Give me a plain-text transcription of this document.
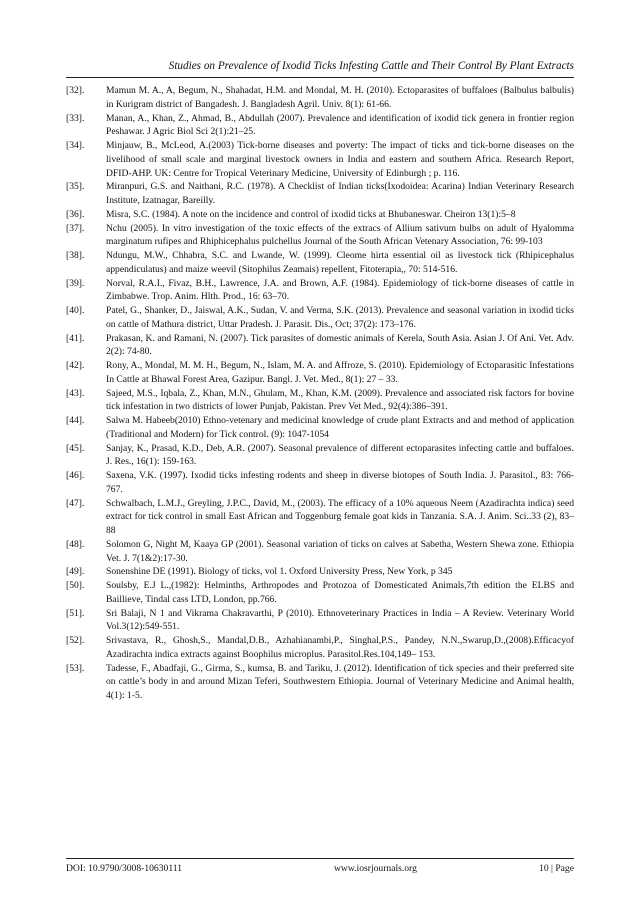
Studies on Prevalence of Ixodid Ticks Infesting Cattle and Their Control By Plant Extracts
[32]. Mamun M. A., A, Begum, N., Shahadat, H.M. and Mondal, M. H. (2010). Ectoparasites of buffaloes (Balbulus balbulis) in Kurigram district of Bangadesh. J. Bangladesh Agril. Univ. 8(1): 61-66.
[33]. Manan, A., Khan, Z., Ahmad, B., Abdullah (2007). Prevalence and identification of ixodid tick genera in frontier region Peshawar. J Agric Biol Sci 2(1):21–25.
[34]. Minjauw, B., McLeod, A.(2003) Tick-borne diseases and poverty: The impact of ticks and tick-borne diseases on the livelihood of small scale and marginal livestock owners in India and eastern and southern Africa. Research Report, DFID-AHP. UK: Centre for Tropical Veterinary Medicine, University of Edinburgh ; p. 116.
[35]. Miranpuri, G.S. and Naithani, R.C. (1978). A Checklist of Indian ticks(Ixodoidea: Acarina) Indian Veterinary Research Institute, Izatnagar, Bareilly.
[36]. Misra, S.C. (1984). A note on the incidence and control of ixodid ticks at Bhubaneswar. Cheiron 13(1):5–8
[37]. Nchu (2005). In vitro investigation of the toxic effects of the extracs of Allium sativum bulbs on adult of Hyalomma marginatum rufipes and Rhiphicephalus pulchellus Journal of the South African Vetenary Association, 76: 99-103
[38]. Ndungu, M.W., Chhabra, S.C. and Lwande, W. (1999). Cleome hirta essential oil as livestock tick (Rhipicephalus appendiculatus) and maize weevil (Sitophilus Zeamais) repellent, Fitoterapia,, 70: 514-516.
[39]. Norval, R.A.I., Fivaz, B.H., Lawrence, J.A. and Brown, A.F. (1984). Epidemiology of tick-borne diseases of cattle in Zimbabwe. Trop. Anim. Hlth. Prod., 16: 63–70.
[40]. Patel, G., Shanker, D., Jaiswal, A.K., Sudan, V. and Verma, S.K. (2013). Prevalence and seasonal variation in ixodid ticks on cattle of Mathura district, Uttar Pradesh. J. Parasit. Dis., Oct; 37(2): 173–176.
[41]. Prakasan, K. and Ramani, N. (2007). Tick parasites of domestic animals of Kerela, South Asia. Asian J. Of Ani. Vet. Adv. 2(2): 74-80.
[42]. Rony, A., Mondal, M. M. H., Begum, N., Islam, M. A. and Affroze, S. (2010). Epidemiology of Ectoparasitic Infestations In Cattle at Bhawal Forest Area, Gazipur. Bangl. J. Vet. Med., 8(1): 27 – 33.
[43]. Sajeed, M.S., Iqbala, Z., Khan, M.N., Ghulam, M., Khan, K.M. (2009). Prevalence and associated risk factors for bovine tick infestation in two districts of lower Punjab, Pakistan. Prev Vet Med., 92(4):386–391.
[44]. Salwa M. Habeeb(2010) Ethno-vetenary and medicinal knowledge of crude plant Extracts and and method of application (Traditional and Modern) for Tick control. (9): 1047-1054
[45]. Sanjay, K., Prasad, K.D., Deb, A.R. (2007). Seasonal prevalence of different ectoparasites infecting cattle and buffaloes. J. Res., 16(1): 159-163.
[46]. Saxena, V.K. (1997). Ixodid ticks infesting rodents and sheep in diverse biotopes of South India. J. Parasitol., 83: 766-767.
[47]. Schwalbach, L.M.J., Greyling, J.P.C., David, M., (2003). The efficacy of a 10% aqueous Neem (Azadirachta indica) seed extract for tick control in small East African and Toggenburg female goat kids in Tanzania. S.A. J. Anim. Sci..33 (2), 83–88
[48]. Solomon G, Night M, Kaaya GP (2001). Seasonal variation of ticks on calves at Sabetha, Western Shewa zone. Ethiopia Vet. J. 7(1&2):17-30.
[49]. Sonenshine DE (1991). Biology of ticks, vol 1. Oxford University Press, New York, p 345
[50]. Soulsby, E.J L.,(1982): Helminths, Arthropodes and Protozoa of Domesticated Animals,7th edition the ELBS and Baillieve, Tindal cass LTD, London, pp.766.
[51]. Sri Balaji, N 1 and Vikrama Chakravarthi, P (2010). Ethnoveterinary Practices in India – A Review. Veterinary World Vol.3(12):549-551.
[52]. Srivastava, R., Ghosh,S., Mandal,D.B., Azhahianambi,P., Singhal,P.S., Pandey, N.N.,Swarup,D.,(2008).Efficacyof Azadirachta indica extracts against Boophilus microplus. Parasitol.Res.104,149– 153.
[53]. Tadesse, F., Abadfaji, G., Girma, S., kumsa, B. and Tariku, J. (2012). Identification of tick species and their preferred site on cattle’s body in and around Mizan Teferi, Southwestern Ethiopia. Journal of Veterinary Medicine and Animal health, 4(1): 1-5.
DOI: 10.9790/3008-10630111	www.iosrjournals.org	10 | Page
